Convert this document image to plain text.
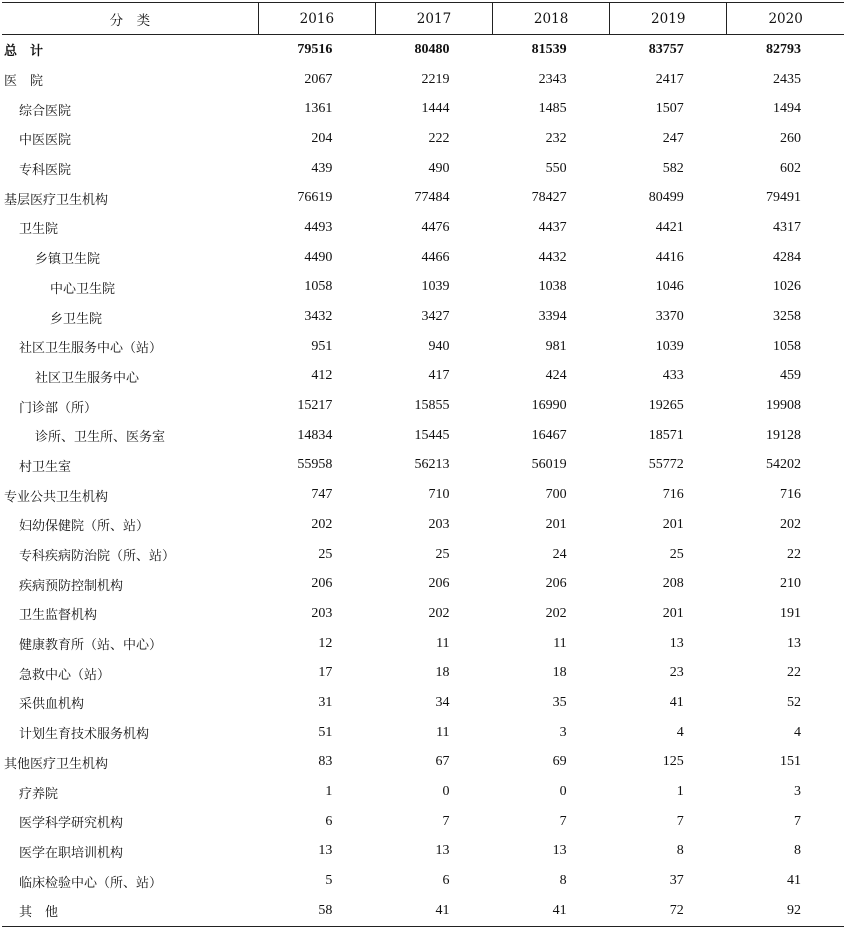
分　类	2016	2017	2018	2019	2020
总　计	79516	80480	81539	83757	82793
医　院	2067	2219	2343	2417	2435
综合医院	1361	1444	1485	1507	1494
中医医院	204	222	232	247	260
专科医院	439	490	550	582	602
基层医疗卫生机构	76619	77484	78427	80499	79491
卫生院	4493	4476	4437	4421	4317
乡镇卫生院	4490	4466	4432	4416	4284
中心卫生院	1058	1039	1038	1046	1026
乡卫生院	3432	3427	3394	3370	3258
社区卫生服务中心（站）	951	940	981	1039	1058
社区卫生服务中心	412	417	424	433	459
门诊部（所）	15217	15855	16990	19265	19908
诊所、卫生所、医务室	14834	15445	16467	18571	19128
村卫生室	55958	56213	56019	55772	54202
专业公共卫生机构	747	710	700	716	716
妇幼保健院（所、站）	202	203	201	201	202
专科疾病防治院（所、站）	25	25	24	25	22
疾病预防控制机构	206	206	206	208	210
卫生监督机构	203	202	202	201	191
健康教育所（站、中心）	12	11	11	13	13
急救中心（站）	17	18	18	23	22
采供血机构	31	34	35	41	52
计划生育技术服务机构	51	11	3	4	4
其他医疗卫生机构	83	67	69	125	151
疗养院	1	0	0	1	3
医学科学研究机构	6	7	7	7	7
医学在职培训机构	13	13	13	8	8
临床检验中心（所、站）	5	6	8	37	41
其　他	58	41	41	72	92
